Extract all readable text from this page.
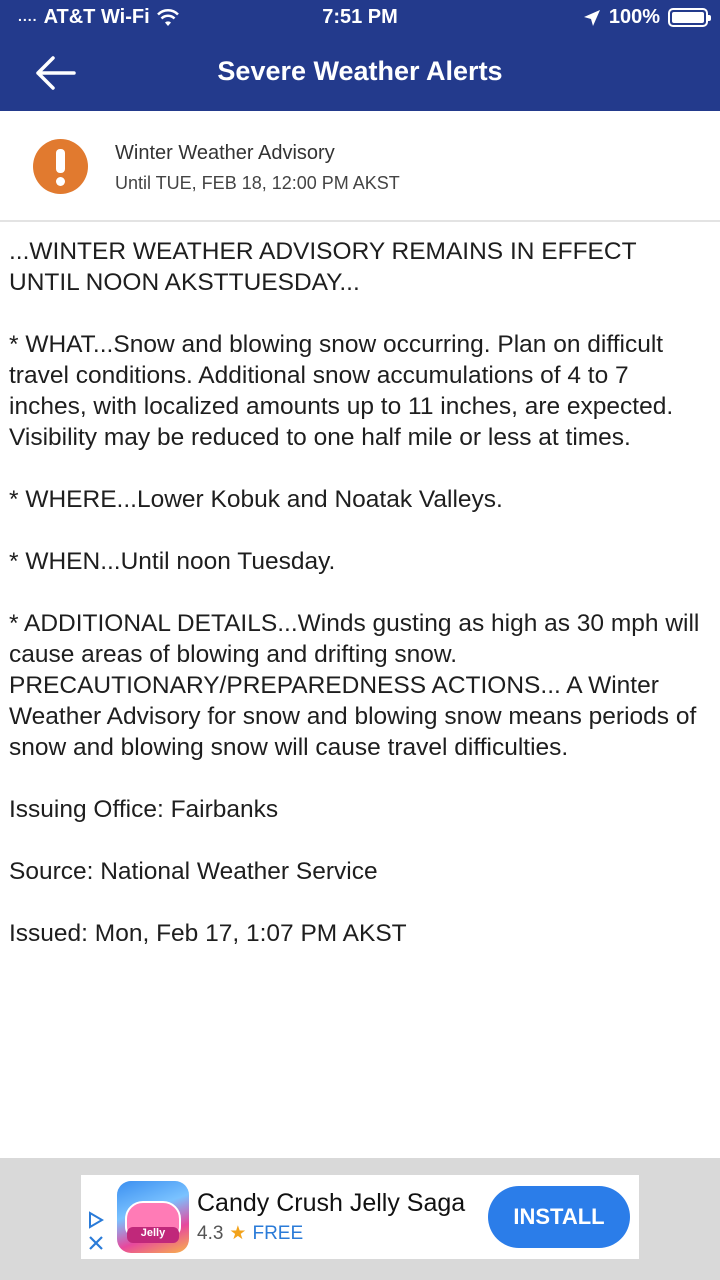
.... AT&T Wi-Fi	7:51 PM	100%
Severe Weather Alerts
Winter Weather Advisory
Until TUE, FEB 18, 12:00 PM AKST

...WINTER WEATHER ADVISORY REMAINS IN EFFECT UNTIL NOON AKSTTUESDAY...

* WHAT...Snow and blowing snow occurring. Plan on difficult travel conditions. Additional snow accumulations of 4 to 7 inches, with localized amounts up to 11 inches, are expected. Visibility may be reduced to one half mile or less at times.

* WHERE...Lower Kobuk and Noatak Valleys.

* WHEN...Until noon Tuesday.

* ADDITIONAL DETAILS...Winds gusting as high as 30 mph will cause areas of blowing and drifting snow. PRECAUTIONARY/PREPAREDNESS ACTIONS... A Winter Weather Advisory for snow and blowing snow means periods of snow and blowing snow will cause travel difficulties.

Issuing Office: Fairbanks

Source: National Weather Service

Issued: Mon, Feb 17, 1:07 PM AKST

Jelly
Candy Crush Jelly Saga
4.3 ★ FREE
INSTALL
